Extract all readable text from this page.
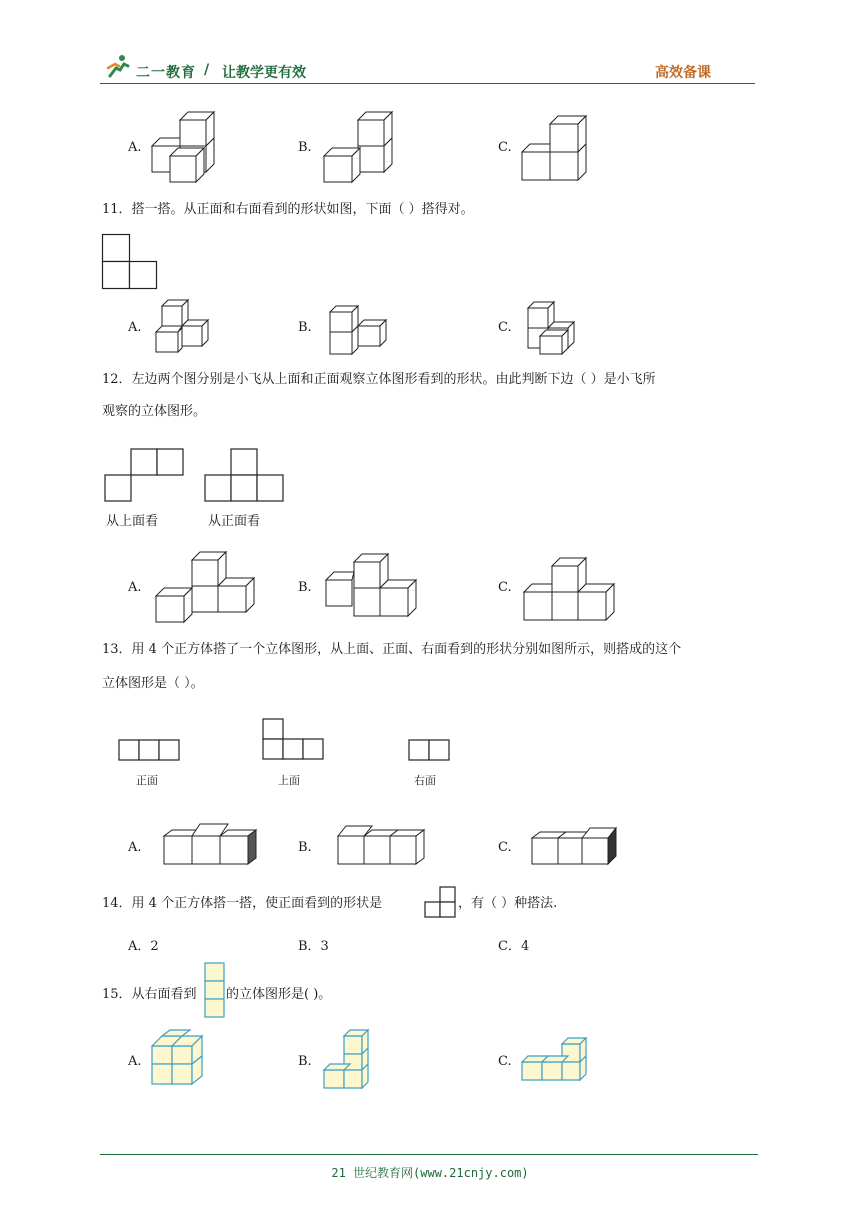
二一教育 / 让教学更有效	高效备课
A.	B.	C.
11．搭一搭。从正面和右面看到的形状如图，下面（ ）搭得对。
A.	B.	C.
12．左边两个图分别是小飞从上面和正面观察立体图形看到的形状。由此判断下边（ ）是小飞所
观察的立体图形。
从上面看	从正面看
A.	B.	C.
13．用 4 个正方体搭了一个立体图形，从上面、正面、右面看到的形状分别如图所示，则搭成的这个
立体图形是（ ）。
正面	上面	右面
A.	B.	C.
14．用 4 个正方体搭一搭，使正面看到的形状是	，有（ ）种搭法.
A．2	B．3	C．4
15．从右面看到 的立体图形是( )。
A.	B.	C.
21 世纪教育网(www.21cnjy.com)
